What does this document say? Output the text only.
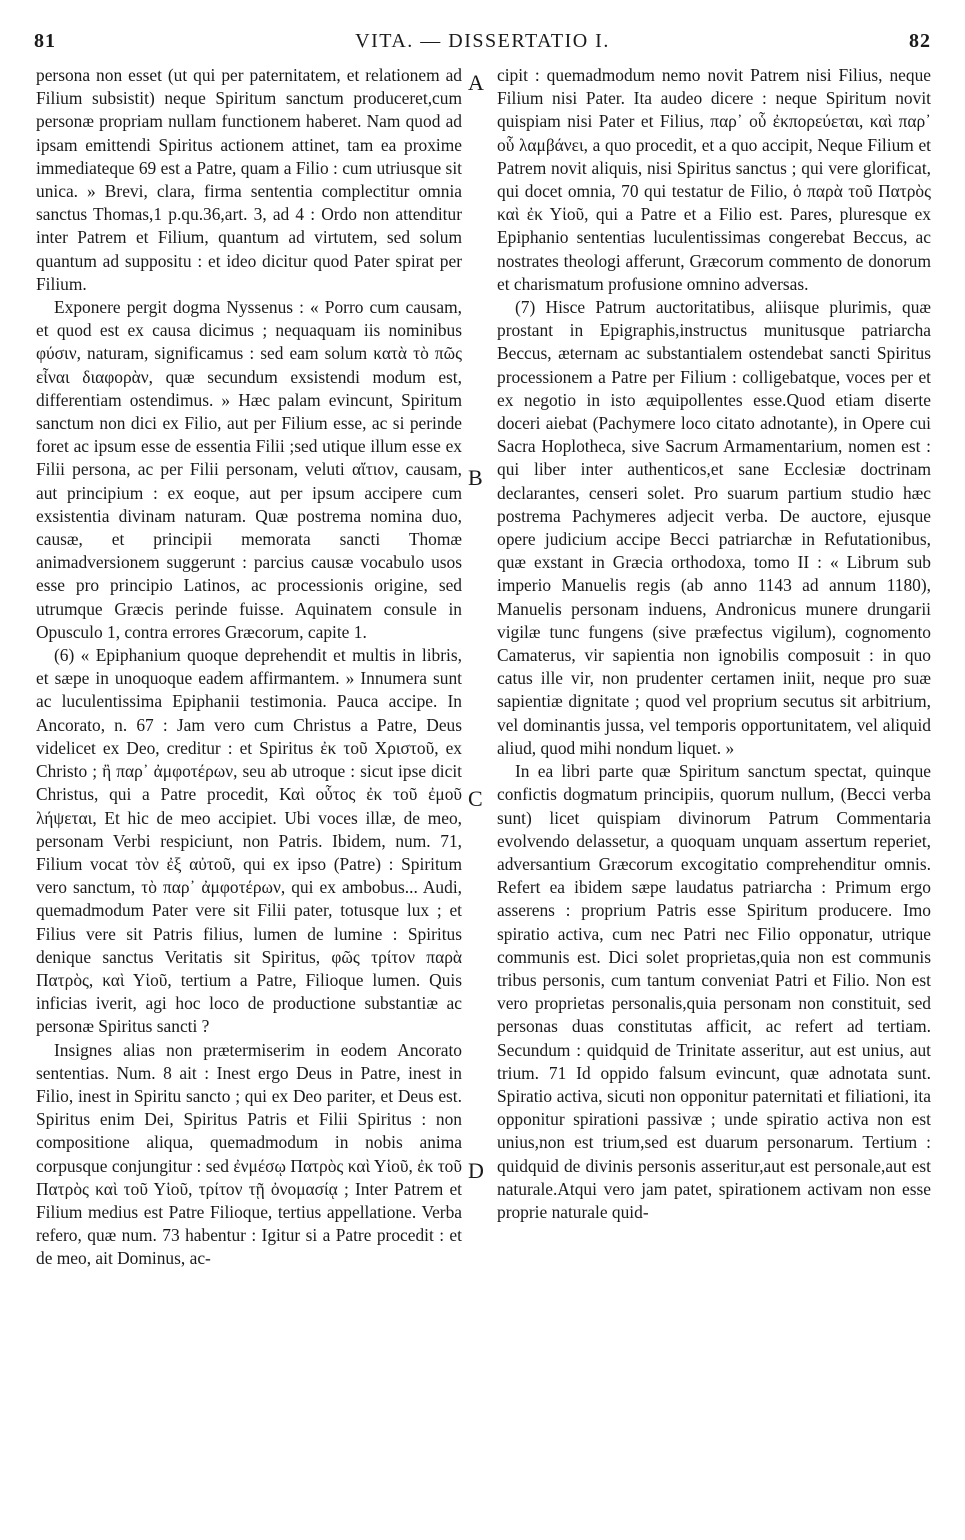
81	VITA. — DISSERTATIO I.	82
A
B
C
D

persona non esset (ut qui per paternitatem, et relationem ad Filium subsistit) neque Spiritum sanctum produceret,cum personæ propriam nullam functionem haberet. Nam quod ad ipsam emittendi Spiritus actionem attinet, tam ea proxime immediateque 69 est a Patre, quam a Filio : cum utriusque sit unica. » Brevi, clara, firma sententia complectitur omnia sanctus Thomas,1 p.qu.36,art. 3, ad 4 : Ordo non attenditur inter Patrem et Filium, quantum ad virtutem, sed solum quantum ad suppositu : et ideo dicitur quod Pater spirat per Filium.

Exponere pergit dogma Nyssenus : « Porro cum causam, et quod est ex causa dicimus ; nequaquam iis nominibus φύσιν, naturam, significamus : sed eam solum κατὰ τὸ πῶς εἶναι διαφορὰν, quæ secundum exsistendi modum est, differentiam ostendimus. » Hæc palam evincunt, Spiritum sanctum non dici ex Filio, aut per Filium esse, ac si perinde foret ac ipsum esse de essentia Filii ;sed utique illum esse ex Filii persona, ac per Filii personam, veluti αἴτιον, causam, aut principium : ex eoque, aut per ipsum accipere cum exsistentia divinam naturam. Quæ postrema nomina duo, causæ, et principii memorata sancti Thomæ animadversionem suggerunt : parcius causæ vocabulo usos esse pro principio Latinos, ac processionis origine, sed utrumque Græcis perinde fuisse. Aquinatem consule in Opusculo 1, contra errores Græcorum, capite 1.

(6) « Epiphanium quoque deprehendit et multis in libris, et sæpe in unoquoque eadem affirmantem. » Innumera sunt ac luculentissima Epiphanii testimonia. Pauca accipe. In Ancorato, n. 67 : Jam vero cum Christus a Patre, Deus videlicet ex Deo, creditur : et Spiritus ἐκ τοῦ Χριστοῦ, ex Christo ; ἢ παρ᾽ ἀμφοτέρων, seu ab utroque : sicut ipse dicit Christus, qui a Patre procedit, Καὶ οὗτος ἐκ τοῦ ἐμοῦ λήψεται, Et hic de meo accipiet. Ubi voces illæ, de meo, personam Verbi respiciunt, non Patris. Ibidem, num. 71, Filium vocat τὸν ἐξ αὐτοῦ, qui ex ipso (Patre) : Spiritum vero sanctum, τὸ παρ᾽ ἀμφοτέρων, qui ex ambobus... Audi, quemadmodum Pater vere sit Filii pater, totusque lux ; et Filius vere sit Patris filius, lumen de lumine : Spiritus denique sanctus Veritatis sit Spiritus, φῶς τρίτον παρὰ Πατρὸς, καὶ Υἱοῦ, tertium a Patre, Filioque lumen. Quis inficias iverit, agi hoc loco de productione substantiæ ac personæ Spiritus sancti ?

Insignes alias non prætermiserim in eodem Ancorato sententias. Num. 8 ait : Inest ergo Deus in Patre, inest in Filio, inest in Spiritu sancto ; qui ex Deo pariter, et Deus est. Spiritus enim Dei, Spiritus Patris et Filii Spiritus : non compositione aliqua, quemadmodum in nobis anima corpusque conjungitur : sed ἐνμέσῳ Πατρὸς καὶ Υἱοῦ, ἐκ τοῦ Πατρὸς καὶ τοῦ Υἱοῦ, τρίτον τῇ ὀνομασίᾳ ; Inter Patrem et Filium medius est Patre Filioque, tertius appellatione. Verba refero, quæ num. 73 habentur : Igitur si a Patre procedit : et de meo, ait Dominus, ac-

cipit : quemadmodum nemo novit Patrem nisi Filius, neque Filium nisi Pater. Ita audeo dicere : neque Spiritum novit quispiam nisi Pater et Filius, παρ᾽ οὗ ἐκπορεύεται, καὶ παρ᾽ οὗ λαμβάνει, a quo procedit, et a quo accipit, Neque Filium et Patrem novit aliquis, nisi Spiritus sanctus ; qui vere glorificat, qui docet omnia, 70 qui testatur de Filio, ὁ παρὰ τοῦ Πατρὸς καὶ ἐκ Υἱοῦ, qui a Patre et a Filio est. Pares, pluresque ex Epiphanio sententias luculentissimas congerebat Beccus, ac nostrates theologi afferunt, Græcorum commento de donorum et charismatum profusione omnino adversas.

(7) Hisce Patrum auctoritatibus, aliisque plurimis, quæ prostant in Epigraphis,instructus munitusque patriarcha Beccus, æternam ac substantialem ostendebat sancti Spiritus processionem a Patre per Filium : colligebatque, voces per et ex negotio in isto æquipollentes esse.Quod etiam diserte doceri aiebat (Pachymere loco citato adnotante), in Opere cui Sacra Hoplotheca, sive Sacrum Armamentarium, nomen est : qui liber inter authenticos,et sane Ecclesiæ doctrinam declarantes, censeri solet. Pro suarum partium studio hæc postrema Pachymeres adjecit verba. De auctore, ejusque opere judicium accipe Becci patriarchæ in Refutationibus, quæ exstant in Græcia orthodoxa, tomo II : « Librum sub imperio Manuelis regis (ab anno 1143 ad annum 1180), Manuelis personam induens, Andronicus munere drungarii vigilæ tunc fungens (sive præfectus vigilum), cognomento Camaterus, vir sapientia non ignobilis composuit : in quo catus ille vir, non prudenter certamen iniit, neque pro suæ sapientiæ dignitate ; quod vel proprium secutus sit arbitrium, vel dominantis jussa, vel temporis opportunitatem, vel aliquid aliud, quod mihi nondum liquet. »

In ea libri parte quæ Spiritum sanctum spectat, quinque confictis dogmatum principiis, quorum nullum, (Becci verba sunt) licet quispiam divinorum Patrum Commentaria evolvendo delassetur, a quoquam unquam assertum reperiet, adversantium Græcorum excogitatio comprehenditur omnis. Refert ea ibidem sæpe laudatus patriarcha : Primum ergo asserens : proprium Patris esse Spiritum producere. Imo spiratio activa, cum nec Patri nec Filio opponatur, utrique communis est. Dici solet proprietas,quia non est communis tribus personis, cum tantum conveniat Patri et Filio. Non est vero proprietas personalis,quia personam non constituit, sed personas duas constitutas afficit, ac refert ad tertiam. Secundum : quidquid de Trinitate asseritur, aut est unius, aut trium. 71 Id oppido falsum evincunt, quæ adnotata sunt. Spiratio activa, sicuti non opponitur paternitati et filiationi, ita opponitur spirationi passivæ ; unde spiratio activa non est unius,non est trium,sed est duarum personarum. Tertium : quidquid de divinis personis asseritur,aut est personale,aut est naturale.Atqui vero jam patet, spirationem activam non esse proprie naturale quid-
